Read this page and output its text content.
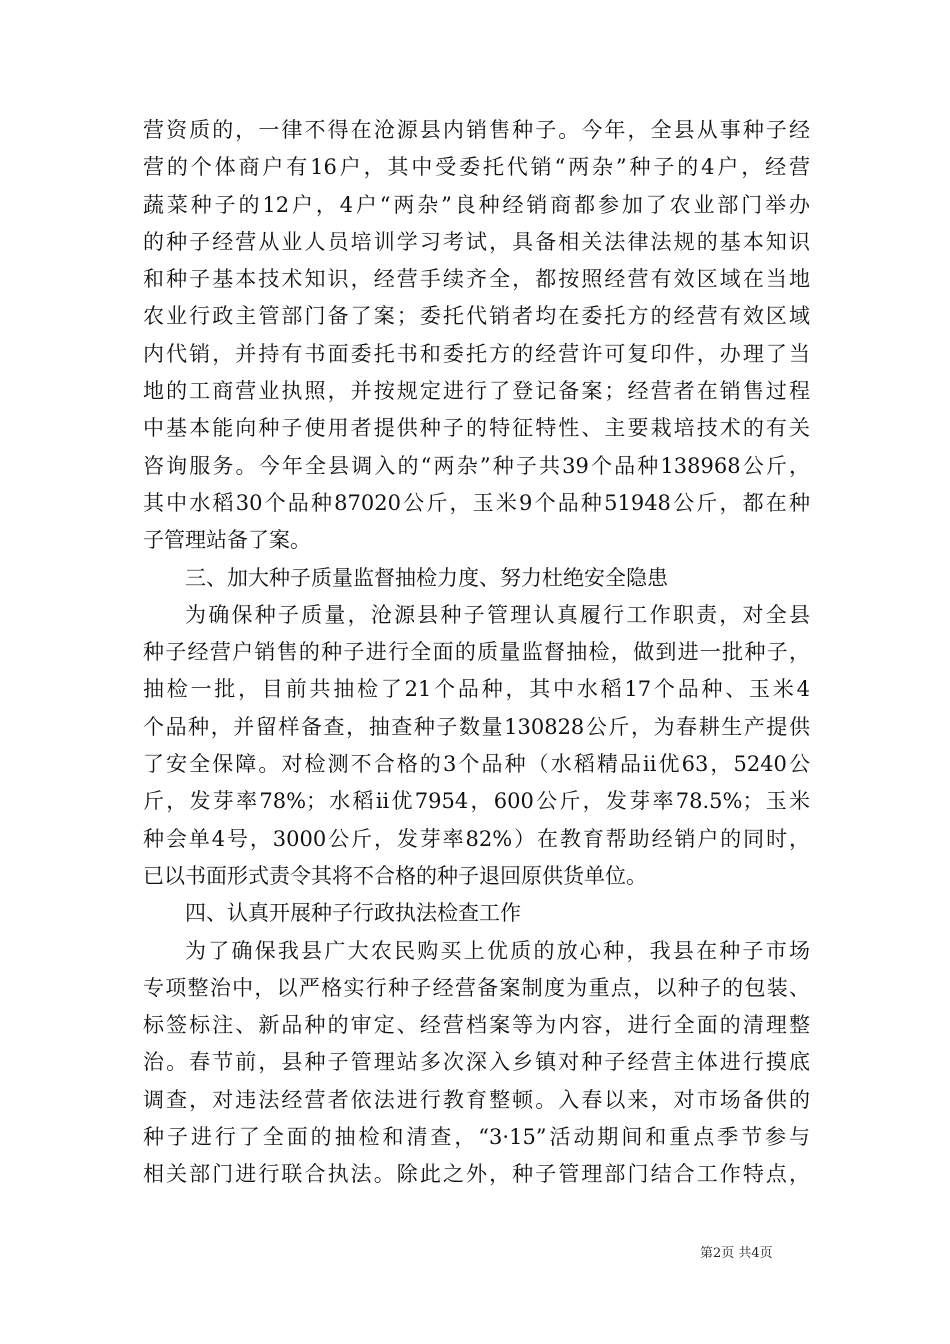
营资质的，一律不得在沧源县内销售种子。今年，全县从事种子经
营的个体商户有16户，其中受委托代销“两杂”种子的4户，经营
蔬菜种子的12户，4户“两杂”良种经销商都参加了农业部门举办
的种子经营从业人员培训学习考试，具备相关法律法规的基本知识
和种子基本技术知识，经营手续齐全，都按照经营有效区域在当地
农业行政主管部门备了案；委托代销者均在委托方的经营有效区域
内代销，并持有书面委托书和委托方的经营许可复印件，办理了当
地的工商营业执照，并按规定进行了登记备案；经营者在销售过程
中基本能向种子使用者提供种子的特征特性、主要栽培技术的有关
咨询服务。今年全县调入的“两杂”种子共39个品种138968公斤，
其中水稻30个品种87020公斤，玉米9个品种51948公斤，都在种
子管理站备了案。
三、加大种子质量监督抽检力度、努力杜绝安全隐患
为确保种子质量，沧源县种子管理认真履行工作职责，对全县
种子经营户销售的种子进行全面的质量监督抽检，做到进一批种子，
抽检一批，目前共抽检了21个品种，其中水稻17个品种、玉米4
个品种，并留样备查，抽查种子数量130828公斤，为春耕生产提供
了安全保障。对检测不合格的3个品种（水稻精品ii优63，5240公
斤，发芽率78%；水稻ii优7954，600公斤，发芽率78.5%；玉米
种会单4号，3000公斤，发芽率82%）在教育帮助经销户的同时，
已以书面形式责令其将不合格的种子退回原供货单位。
四、认真开展种子行政执法检查工作
为了确保我县广大农民购买上优质的放心种，我县在种子市场
专项整治中，以严格实行种子经营备案制度为重点，以种子的包装、
标签标注、新品种的审定、经营档案等为内容，进行全面的清理整
治。春节前，县种子管理站多次深入乡镇对种子经营主体进行摸底
调查，对违法经营者依法进行教育整顿。入春以来，对市场备供的
种子进行了全面的抽检和清查，“3·15”活动期间和重点季节参与
相关部门进行联合执法。除此之外，种子管理部门结合工作特点，
第2页 共4页
